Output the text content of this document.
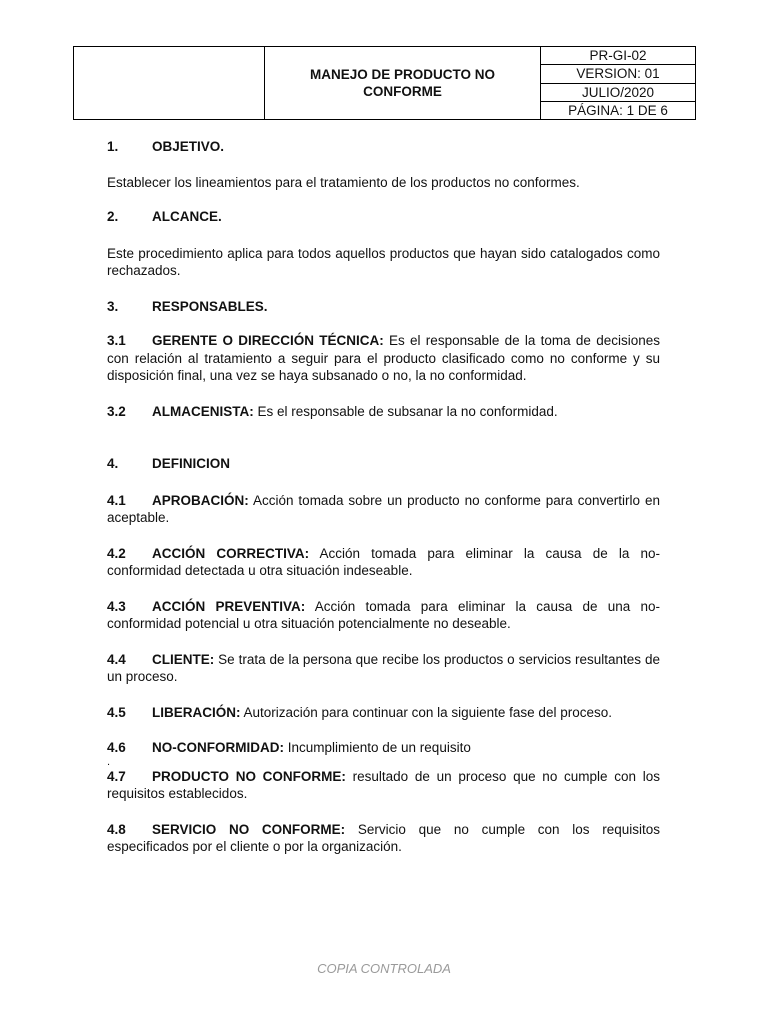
MANEJO DE PRODUCTO NO CONFORME
PR-GI-02
VERSION: 01
JULIO/2020
PÁGINA: 1 DE 6
1.	OBJETIVO.

Establecer los lineamientos para el tratamiento de los productos no conformes.

2.	ALCANCE.

Este procedimiento aplica para todos aquellos productos que hayan sido catalogados como rechazados.

3.	RESPONSABLES.

3.1 GERENTE O DIRECCIÓN TÉCNICA: Es el responsable de la toma de decisiones con relación al tratamiento a seguir para el producto clasificado como no conforme y su disposición final, una vez se haya subsanado o no, la no conformidad.

3.2 ALMACENISTA: Es el responsable de subsanar la no conformidad.

4.	DEFINICION

4.1 APROBACIÓN: Acción tomada sobre un producto no conforme para convertirlo en aceptable.

4.2 ACCIÓN CORRECTIVA: Acción tomada para eliminar la causa de la no-conformidad detectada u otra situación indeseable.

4.3 ACCIÓN PREVENTIVA: Acción tomada para eliminar la causa de una no-conformidad potencial u otra situación potencialmente no deseable.

4.4 CLIENTE: Se trata de la persona que recibe los productos o servicios resultantes de un proceso.

4.5 LIBERACIÓN: Autorización para continuar con la siguiente fase del proceso.

4.6 NO-CONFORMIDAD: Incumplimiento de un requisito

.

4.7 PRODUCTO NO CONFORME: resultado de un proceso que no cumple con los requisitos establecidos.

4.8 SERVICIO NO CONFORME: Servicio que no cumple con los requisitos especificados por el cliente o por la organización.

COPIA CONTROLADA
